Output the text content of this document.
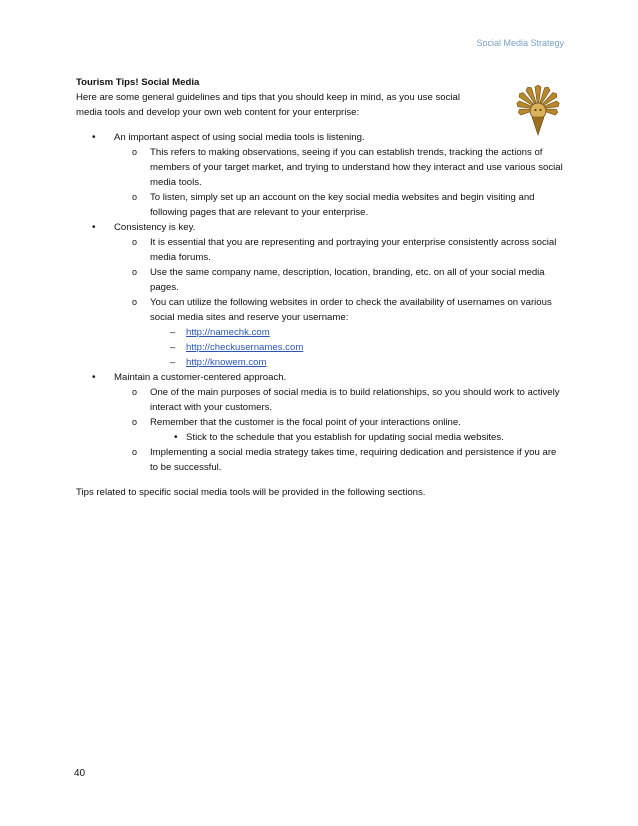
Social Media Strategy
Tourism Tips! Social Media
Here are some general guidelines and tips that you should keep in mind, as you use social
media tools and develop your own web content for your enterprise:
• An important aspect of using social media tools is listening.
o This refers to making observations, seeing if you can establish trends, tracking the actions of members of your target market, and trying to understand how they interact and use various social media tools.
o To listen, simply set up an account on the key social media websites and begin visiting and following pages that are relevant to your enterprise.
• Consistency is key.
o It is essential that you are representing and portraying your enterprise consistently across social media forums.
o Use the same company name, description, location, branding, etc. on all of your social media pages.
o You can utilize the following websites in order to check the availability of usernames on various social media sites and reserve your username:
– http://namechk.com
– http://checkusernames.com
– http://knowem.com
• Maintain a customer-centered approach.
o One of the main purposes of social media is to build relationships, so you should work to actively interact with your customers.
o Remember that the customer is the focal point of your interactions online.
• Stick to the schedule that you establish for updating social media websites.
o Implementing a social media strategy takes time, requiring dedication and persistence if you are to be successful.
Tips related to specific social media tools will be provided in the following sections.
40
